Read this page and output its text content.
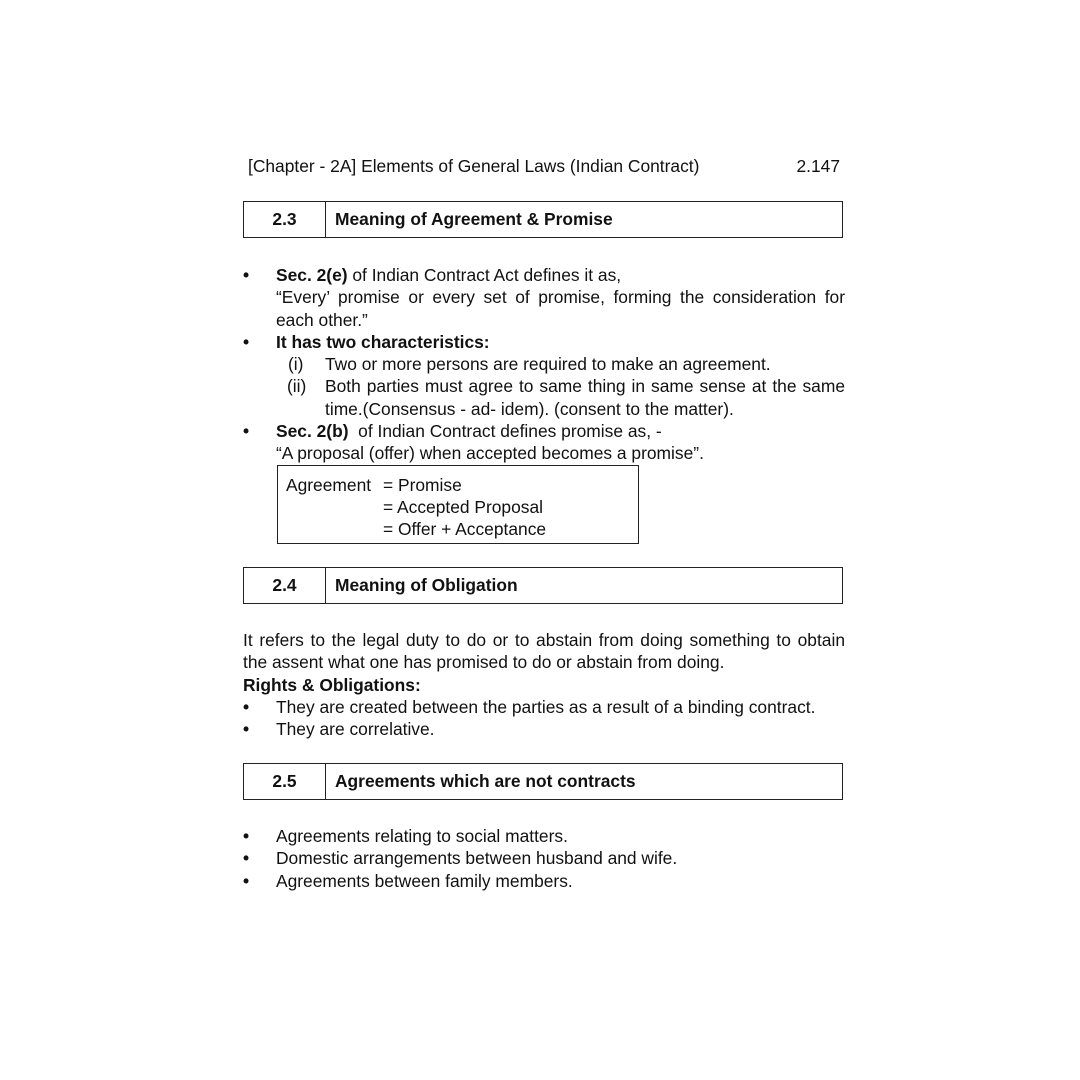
[Chapter - 2A] Elements of General Laws (Indian Contract)	2.147
2.3	Meaning of Agreement & Promise
• Sec. 2(e) of Indian Contract Act defines it as,
“Every’ promise or every set of promise, forming the consideration for each other.”
• It has two characteristics:
(i) Two or more persons are required to make an agreement.
(ii) Both parties must agree to same thing in same sense at the same time.(Consensus - ad- idem). (consent to the matter).
• Sec. 2(b)  of Indian Contract defines promise as, -
“A proposal (offer) when accepted becomes a promise”.
Agreement = Promise
= Accepted Proposal
= Offer + Acceptance
2.4	Meaning of Obligation
It refers to the legal duty to do or to abstain from doing something to obtain the assent what one has promised to do or abstain from doing.
Rights & Obligations:
• They are created between the parties as a result of a binding contract.
• They are correlative.
2.5	Agreements which are not contracts
• Agreements relating to social matters.
• Domestic arrangements between husband and wife.
• Agreements between family members.
